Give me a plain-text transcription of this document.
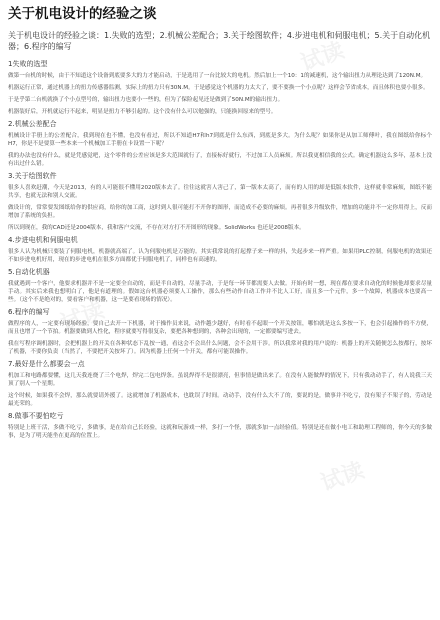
试读
试读
试读
关于机电设计的经验之谈
关于机电设计的经验之谈：1.失败的选型；2.机械公差配合；3.关于绘图软件；4.步进电机和伺服电机；5.关于自动化机器；6.程序的编写
1失败的选型
做第一台机的时候，由于不知道这个设备到底要多大的力才能启动，于是选用了一台比较大的电机。然后加上一个10：1的减速机，这个输出扭力从理论达到了120N.M。
机器运行正常，通过机器上的扭力传感器监测，实际上的扭力只有30N.M。于是感觉这个机器的力太大了，要不要换一个小点呢？这样会节省成本，而且体积也要小很多。
于是乎第二台机就换了个小点型号的，输出扭力也要小一些的，但为了保险起见还是做到了50N.M的输出扭力。
机器装好后，开机就运行不起来，明显是扭力不够引起的。这个没有什么可以勉强的，只能换回原来的型号。
2.机械公差配合
机械设计手册上的公差配合，我到现在也不懂，也没有看过，所以不知道H7和h7到底是什么东西，到底是多大。为什么呢？如果你是从加工师傅叶，我在图纸给你标个H7，你是不是要算一些本来一个机械加工手册在卡设置一下呢？
我的办法也没有什么，就是凭感觉吧，这个零件的公差应该是多大范围就行了，直接标好就行，不过加工人员麻烦。所以我更相信我的公式。确定机器这么多年，基本上没有出过什么错。
3.关于绘图软件
很多人喜欢赶潮，今天是2013，有的人可能很不懂用2020版本去了。往往这就害人害己了，第一版本太高了，而有的人用的却是低版本软件，这样就非常麻烦，图纸不能共享，也就无法和别人交流。
做设计的，常常要发图纸给你的供应商，给你的加工商，这时到人很可能打不开你的图形，而造成不必要的麻烦。再者很多升级软件，增加的功能并不一定你用得上，反而增加了系统的负担。
所以到现在，我的CAD还是2004版本，我和客户交流，不存在对方打不开图形的现象。SolidWorks 也还是2008版本。
4.步进电机和伺服电机
很多人认为机械只要装了伺服电机，机器就高端了。认为伺服电机是万能的。其实我常说的打起撑子来一样的抖，失起步来一样严重。如果用PLC控制，伺服电机的效果还不如步进电机好用，现在的步进电机在很多方面都优于伺服电机了，同样也有高速的。
5.自动化机器
我就遇到一个客户，他要求机器并不是一定要全自动的，而是半自动的，尽量手动，于是每一环节都需要人去做。开始有时一想，现在都在要求自动化的时候他却要求尽量手动。其实后来我也想明白了，他是有道理的。假如这台机器必须要人工操作，那么有些动作自动工作并不比人工好，而且多一个元件，多一个故障，机器成本也要高一些。（这个不是绝对的，要看客户和机器，这一是要看现场的情况）。
6.程序的编写
做程序的人，一定要有现场经验，要自己去开一下机器，对于操作员来说，动作越少越好，有时看不起眼一个开关按钮，哪怕就是这么多按一下，也会引起操作的不方便，而且也增了一个节拍。机器要做到人性化，程序就要写得很复杂，要把各种想到的，各种会出现的，一定都要编写进去。
我在写程序调机器时，会把机器上的开关在各种状态下乱按一通，看这会不会出什么问题，会不会用干涉。所以我常对我的用户说的：机器上的开关随便怎么按都行，按坏了机器，不要你负责（当然了，不要把开关按坏了）。因为机器上任何一个开关，都有可能误操作。
7.最好是什么都要会一点
机加工和电路都要懂，这几天我连烧了三个电焊，焊完二包电焊条。虽说焊得不是很漂亮，但事情是做出来了。在没有人能做焊的情况下，只有我动动手了，有人说我三天顶了别人一个星期。
这个时候，如果我不会焊，那么就要请外援了。这就增加了机器成本，也耽误了时间。动动手，没有什么大不了的，要说的是，做事并不吃亏，没有架子不架子的，劳动是最光荣的。
8.做事不要怕吃亏
特别是上班干活，多做不吃亏，多做事，是在给自己长经验，这就和玩游戏一样，多打一个怪，那就多加一点经验值。特别是还在做小电工和助理工程师的，你今天的多做事，是为了明天能坐在更高的位置上。
